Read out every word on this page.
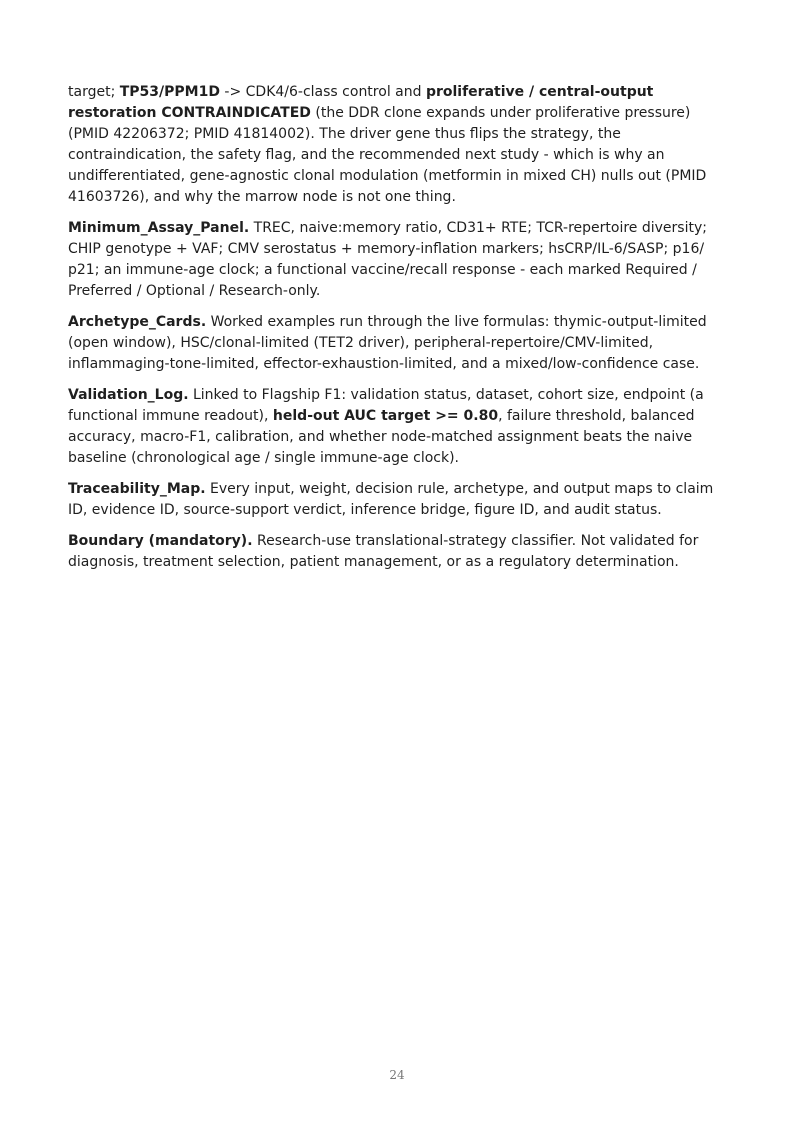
target; TP53/PPM1D -> CDK4/6-class control and proliferative / central-output restoration CONTRAINDICATED (the DDR clone expands under proliferative pressure) (PMID 42206372; PMID 41814002). The driver gene thus flips the strategy, the contraindication, the safety flag, and the recommended next study - which is why an undifferentiated, gene-agnostic clonal modulation (metformin in mixed CH) nulls out (PMID 41603726), and why the marrow node is not one thing.

Minimum_Assay_Panel. TREC, naive:memory ratio, CD31+ RTE; TCR-repertoire diversity; CHIP genotype + VAF; CMV serostatus + memory-inflation markers; hsCRP/IL-6/SASP; p16/ p21; an immune-age clock; a functional vaccine/recall response - each marked Required / Preferred / Optional / Research-only.

Archetype_Cards. Worked examples run through the live formulas: thymic-output-limited (open window), HSC/clonal-limited (TET2 driver), peripheral-repertoire/CMV-limited, inflammaging-tone-limited, effector-exhaustion-limited, and a mixed/low-confidence case.

Validation_Log. Linked to Flagship F1: validation status, dataset, cohort size, endpoint (a functional immune readout), held-out AUC target >= 0.80, failure threshold, balanced accuracy, macro-F1, calibration, and whether node-matched assignment beats the naive baseline (chronological age / single immune-age clock).

Traceability_Map. Every input, weight, decision rule, archetype, and output maps to claim ID, evidence ID, source-support verdict, inference bridge, figure ID, and audit status.

Boundary (mandatory). Research-use translational-strategy classifier. Not validated for diagnosis, treatment selection, patient management, or as a regulatory determination.

24
